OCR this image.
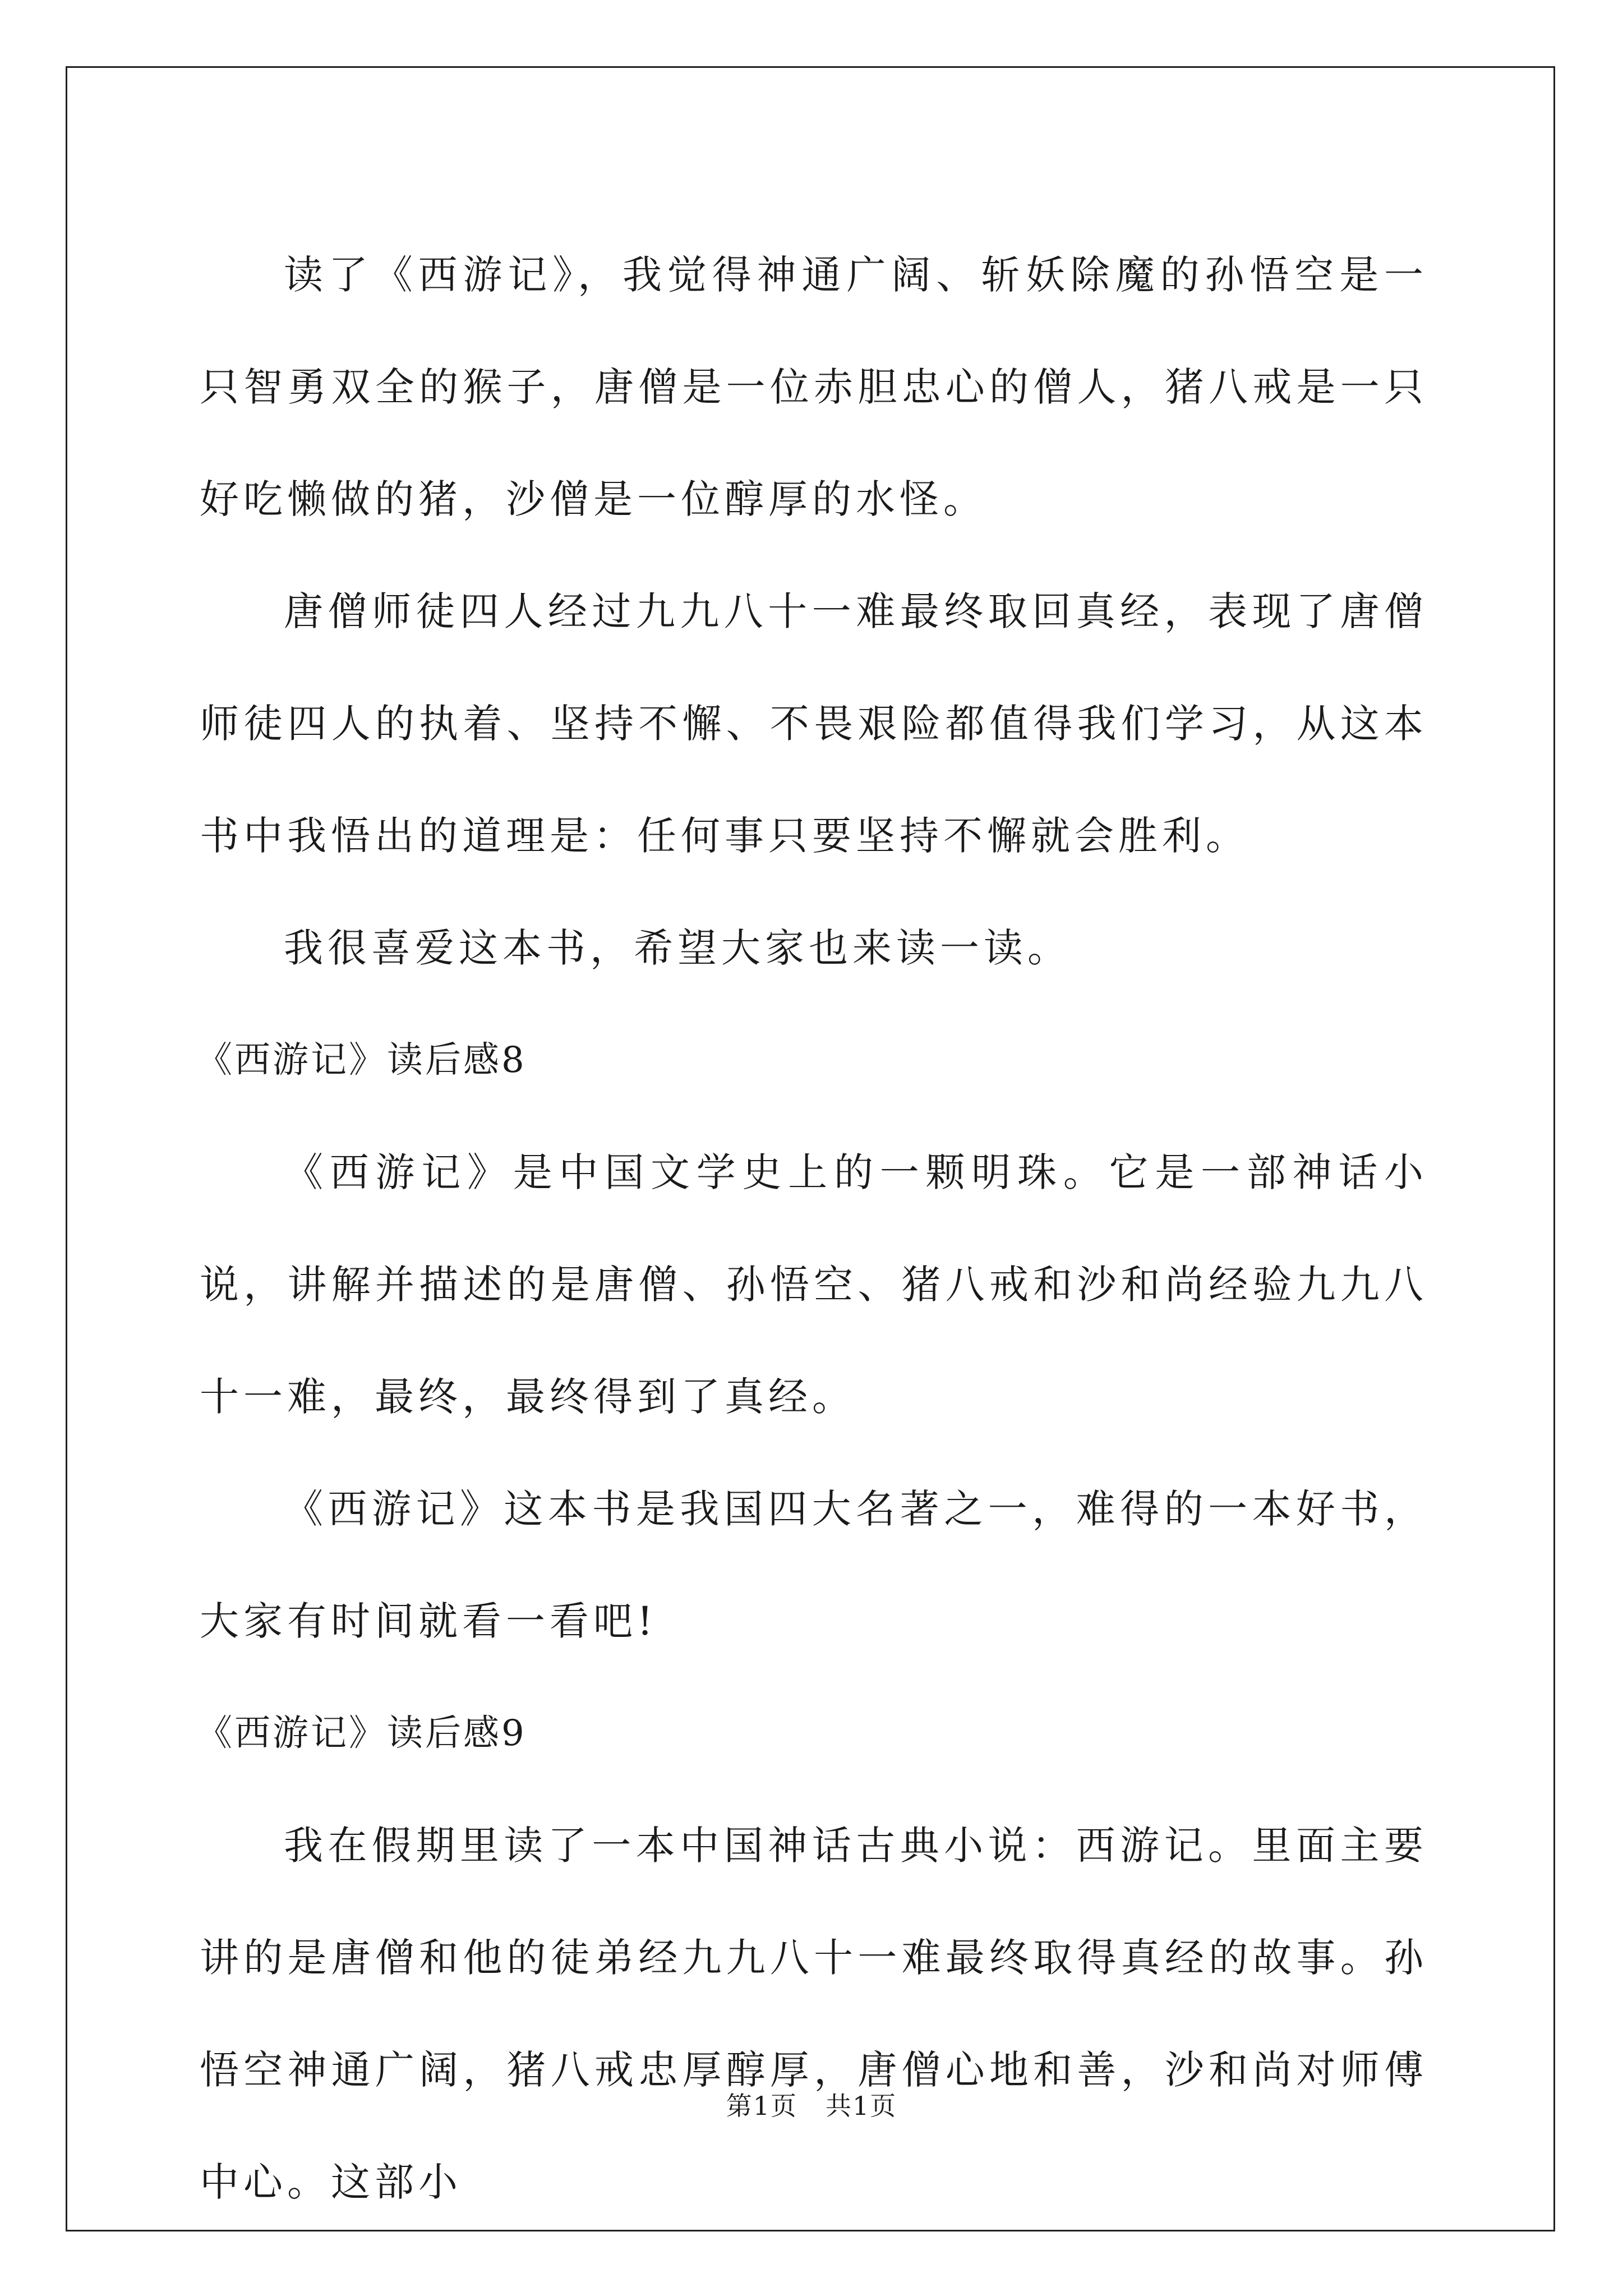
读了《西游记》，我觉得神通广阔、斩妖除魔的孙悟空是一只智勇双全的猴子，唐僧是一位赤胆忠心的僧人，猪八戒是一只好吃懒做的猪，沙僧是一位醇厚的水怪。

唐僧师徒四人经过九九八十一难最终取回真经，表现了唐僧师徒四人的执着、坚持不懈、不畏艰险都值得我们学习，从这本书中我悟出的道理是：任何事只要坚持不懈就会胜利。

我很喜爱这本书，希望大家也来读一读。

《西游记》读后感8

《西游记》是中国文学史上的一颗明珠。它是一部神话小说，讲解并描述的是唐僧、孙悟空、猪八戒和沙和尚经验九九八十一难，最终，最终得到了真经。

《西游记》这本书是我国四大名著之一，难得的一本好书，大家有时间就看一看吧!

《西游记》读后感9

我在假期里读了一本中国神话古典小说：西游记。里面主要讲的是唐僧和他的徒弟经九九八十一难最终取得真经的故事。孙悟空神通广阔，猪八戒忠厚醇厚，唐僧心地和善，沙和尚对师傅中心。这部小

第1页 共1页
